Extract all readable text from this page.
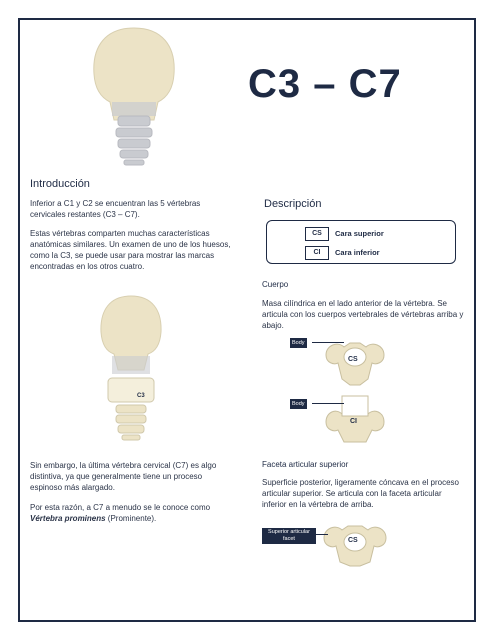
C3 – C7
Introducción
Inferior a C1 y C2 se encuentran las 5 vértebras cervicales restantes (C3 – C7).
Estas vértebras comparten muchas características anatómicas similares. Un examen de uno de los huesos, como la C3, se puede usar para mostrar las marcas encontradas en los otros cuatro.
C3
Sin embargo, la última vértebra cervical (C7) es algo distintiva, ya que generalmente tiene un proceso espinoso más alargado.
Por esta razón, a C7 a menudo se le conoce como Vértebra prominens (Prominente).
Descripción
CS	Cara superior
CI	Cara inferior
Cuerpo
Masa cilíndrica en el lado anterior de la vértebra. Se articula con los cuerpos vertebrales de vértebras arriba y abajo.
Body
CS
Body
CI
Faceta articular superior
Superficie posterior, ligeramente cóncava en el proceso articular superior. Se articula con la faceta articular inferior en la vértebra de arriba.
Superior articular facet	CS
